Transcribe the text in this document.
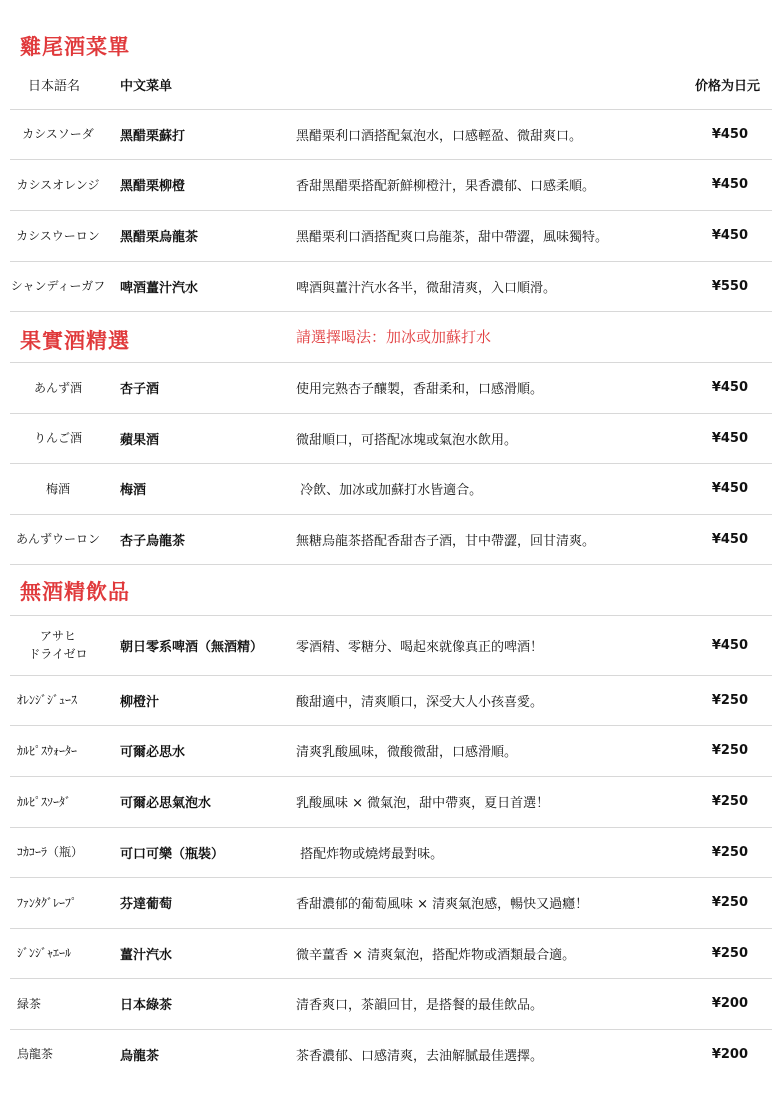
雞尾酒菜單
日本語名	中文菜单	价格为日元
カシスソーダ	黑醋栗蘇打	黑醋栗利口酒搭配氣泡水，口感輕盈、微甜爽口。	¥450
カシスオレンジ	黑醋栗柳橙	香甜黑醋栗搭配新鮮柳橙汁，果香濃郁、口感柔順。	¥450
カシスウーロン	黑醋栗烏龍茶	黑醋栗利口酒搭配爽口烏龍茶，甜中帶澀，風味獨特。	¥450
シャンディーガフ 啤酒薑汁汽水	啤酒與薑汁汽水各半，微甜清爽，入口順滑。	¥550
果實酒精選	請選擇喝法：加冰或加蘇打水
あんず酒	杏子酒	使用完熟杏子釀製，香甜柔和，口感滑順。	¥450
りんご酒	蘋果酒	微甜順口，可搭配冰塊或氣泡水飲用。	¥450
梅酒	梅酒	冷飲、加冰或加蘇打水皆適合。	¥450
あんずウーロン	杏子烏龍茶	無糖烏龍茶搭配香甜杏子酒，甘中帶澀，回甘清爽。	¥450
無酒精飲品
アサヒ
ドライゼロ	朝日零系啤酒（無酒精）	零酒精、零糖分、喝起來就像真正的啤酒！	¥450
ｵﾚﾝｼﾞｼﾞｭｰｽ	柳橙汁	酸甜適中，清爽順口，深受大人小孩喜愛。	¥250
ｶﾙﾋﾟｽｳｫｰﾀｰ	可爾必思水	清爽乳酸風味，微酸微甜，口感滑順。	¥250
ｶﾙﾋﾟｽｿｰﾀﾞ	可爾必思氣泡水	乳酸風味 × 微氣泡，甜中帶爽，夏日首選！	¥250
ｺｶｺｰﾗ（瓶）	可口可樂（瓶裝）	搭配炸物或燒烤最對味。	¥250
ﾌｧﾝﾀｸﾞﾚｰﾌﾟ	芬達葡萄	香甜濃郁的葡萄風味 × 清爽氣泡感，暢快又過癮！	¥250
ｼﾞﾝｼﾞｬｴｰﾙ	薑汁汽水	微辛薑香 × 清爽氣泡，搭配炸物或酒類最合適。	¥250
緑茶	日本綠茶	清香爽口，茶韻回甘，是搭餐的最佳飲品。	¥200
烏龍茶	烏龍茶	茶香濃郁、口感清爽，去油解膩最佳選擇。	¥200
